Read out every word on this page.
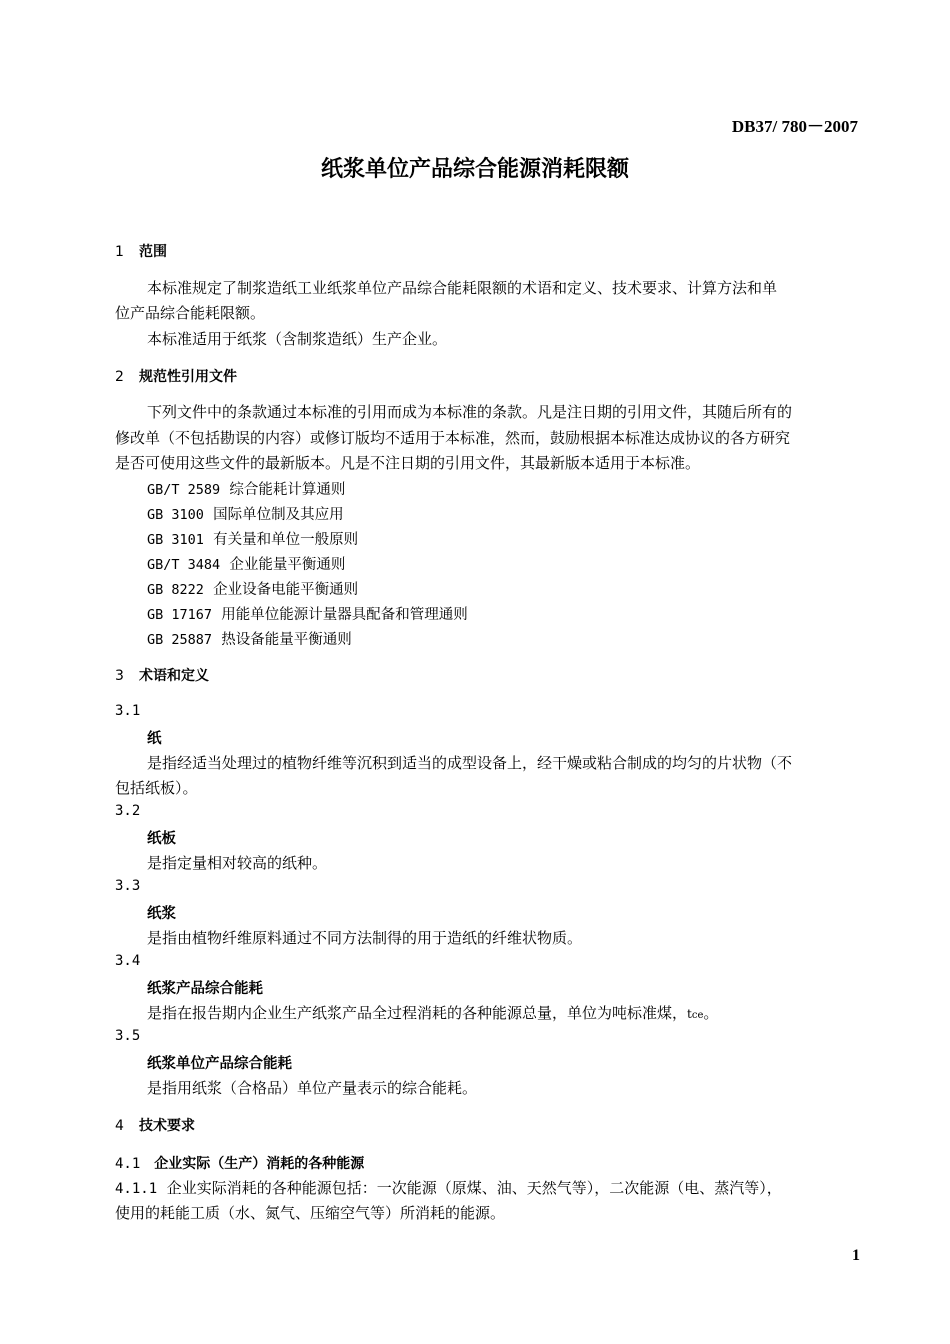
DB37/ 780－2007
纸浆单位产品综合能源消耗限额
1 范围
本标准规定了制浆造纸工业纸浆单位产品综合能耗限额的术语和定义、技术要求、计算方法和单
位产品综合能耗限额。
本标准适用于纸浆（含制浆造纸）生产企业。
2 规范性引用文件
下列文件中的条款通过本标准的引用而成为本标准的条款。凡是注日期的引用文件，其随后所有的
修改单（不包括勘误的内容）或修订版均不适用于本标准，然而，鼓励根据本标准达成协议的各方研究
是否可使用这些文件的最新版本。凡是不注日期的引用文件，其最新版本适用于本标准。
GB/T 2589 综合能耗计算通则
GB 3100 国际单位制及其应用
GB 3101 有关量和单位一般原则
GB/T 3484 企业能量平衡通则
GB 8222 企业设备电能平衡通则
GB 17167 用能单位能源计量器具配备和管理通则
GB 25887 热设备能量平衡通则
3 术语和定义
3.1
纸
是指经适当处理过的植物纤维等沉积到适当的成型设备上，经干燥或粘合制成的均匀的片状物（不
包括纸板）。
3.2
纸板
是指定量相对较高的纸种。
3.3
纸浆
是指由植物纤维原料通过不同方法制得的用于造纸的纤维状物质。
3.4
纸浆产品综合能耗
是指在报告期内企业生产纸浆产品全过程消耗的各种能源总量，单位为吨标准煤，tce。
3.5
纸浆单位产品综合能耗
是指用纸浆（合格品）单位产量表示的综合能耗。
4 技术要求
4.1 企业实际（生产）消耗的各种能源
4.1.1 企业实际消耗的各种能源包括：一次能源（原煤、油、天然气等），二次能源（电、蒸汽等），
使用的耗能工质（水、氮气、压缩空气等）所消耗的能源。
1
